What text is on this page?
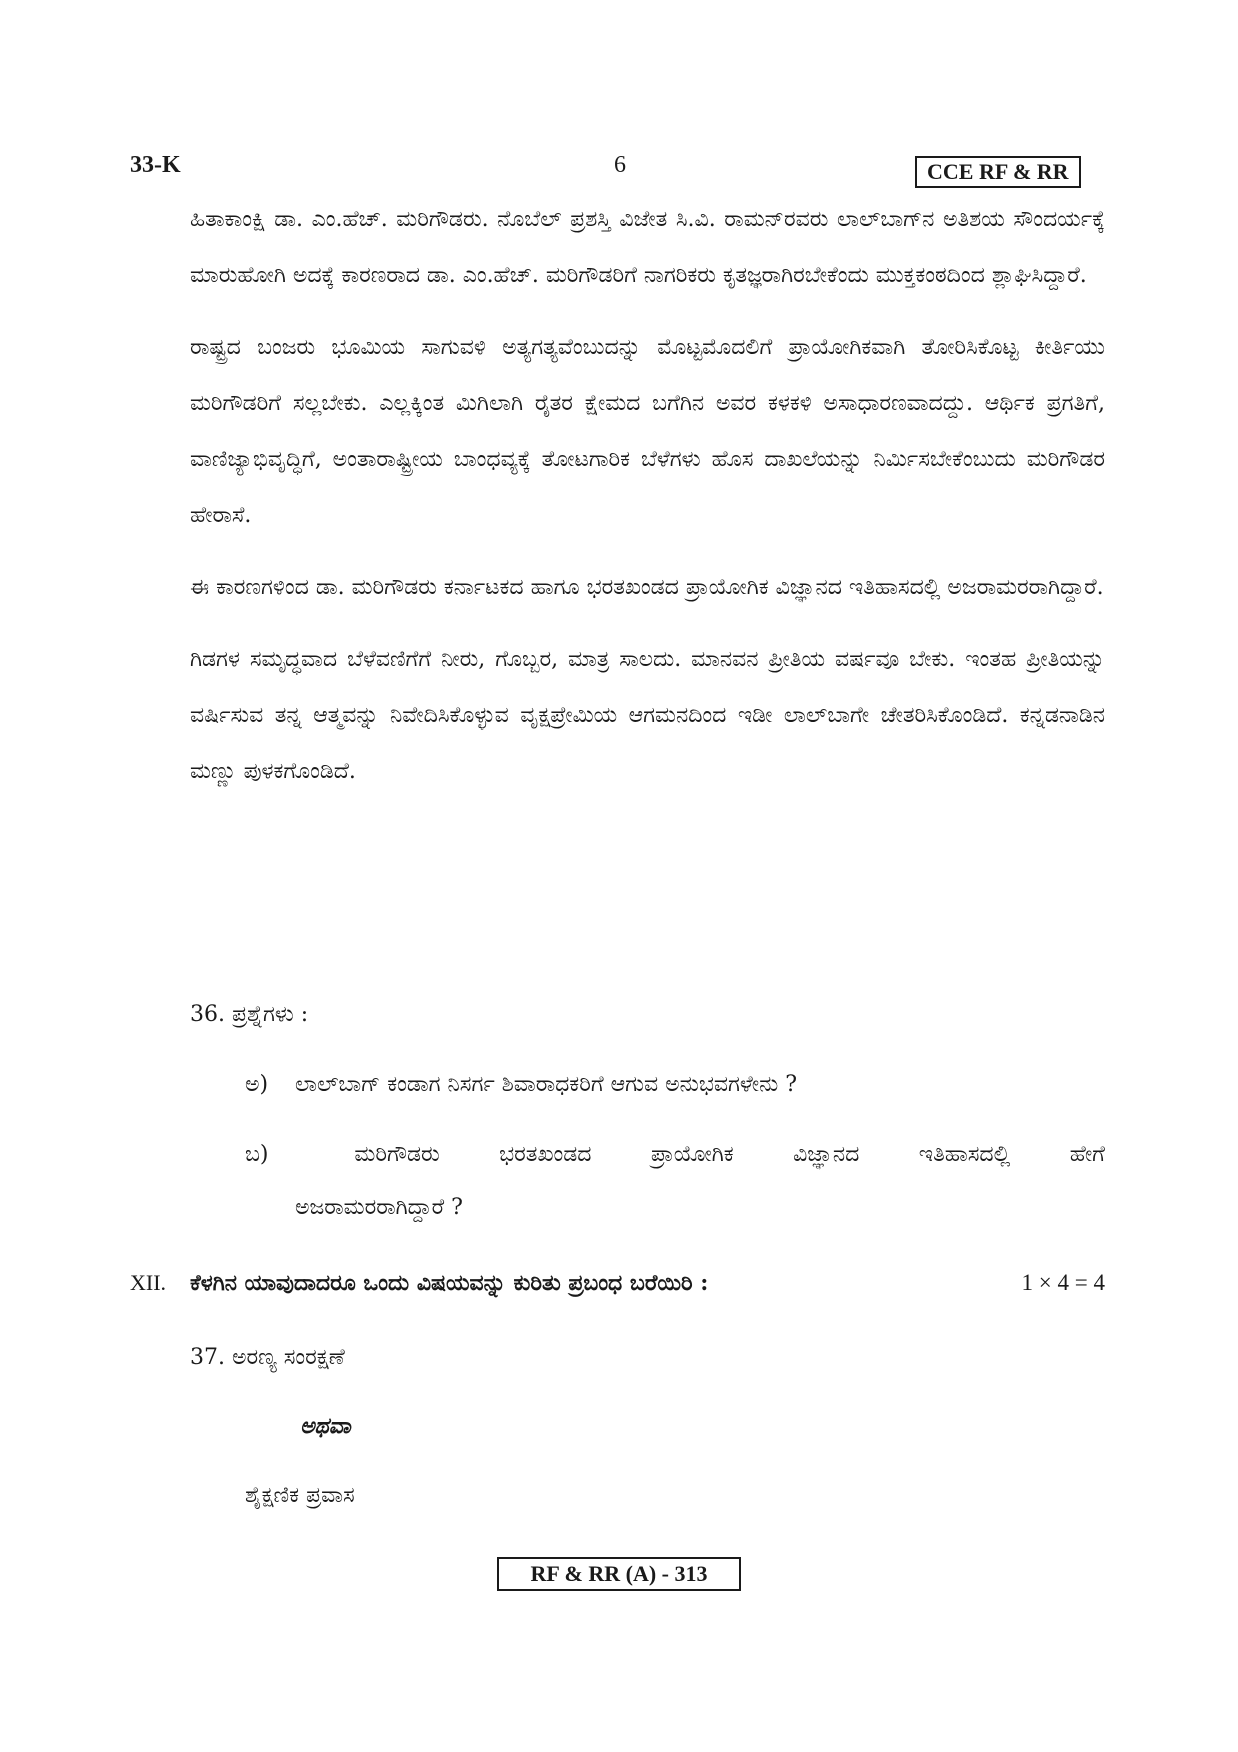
33-K	6	CCE RF & RR

ಹಿತಾಕಾಂಕ್ಷಿ ಡಾ. ಎಂ.ಹೆಚ್. ಮರಿಗೌಡರು. ನೊಬೆಲ್ ಪ್ರಶಸ್ತಿ ವಿಜೇತ ಸಿ.ವಿ. ರಾಮನ್‌ರವರು ಲಾಲ್‌ಬಾಗ್‌ನ ಅತಿಶಯ ಸೌಂದರ್ಯಕ್ಕೆ ಮಾರುಹೋಗಿ ಅದಕ್ಕೆ ಕಾರಣರಾದ ಡಾ. ಎಂ.ಹೆಚ್. ಮರಿಗೌಡರಿಗೆ ನಾಗರಿಕರು ಕೃತಜ್ಞರಾಗಿರಬೇಕೆಂದು ಮುಕ್ತಕಂಠದಿಂದ ಶ್ಲಾಘಿಸಿದ್ದಾರೆ.

ರಾಷ್ಟ್ರದ ಬಂಜರು ಭೂಮಿಯ ಸಾಗುವಳಿ ಅತ್ಯಗತ್ಯವೆಂಬುದನ್ನು ಮೊಟ್ಟಮೊದಲಿಗೆ ಪ್ರಾಯೋಗಿಕವಾಗಿ ತೋರಿಸಿಕೊಟ್ಟ ಕೀರ್ತಿಯು ಮರಿಗೌಡರಿಗೆ ಸಲ್ಲಬೇಕು. ಎಲ್ಲಕ್ಕಿಂತ ಮಿಗಿಲಾಗಿ ರೈತರ ಕ್ಷೇಮದ ಬಗೆಗಿನ ಅವರ ಕಳಕಳಿ ಅಸಾಧಾರಣವಾದದ್ದು. ಆರ್ಥಿಕ ಪ್ರಗತಿಗೆ, ವಾಣಿಜ್ಯಾಭಿವೃದ್ಧಿಗೆ, ಅಂತಾರಾಷ್ಟ್ರೀಯ ಬಾಂಧವ್ಯಕ್ಕೆ ತೋಟಗಾರಿಕ ಬೆಳೆಗಳು ಹೊಸ ದಾಖಲೆಯನ್ನು ನಿರ್ಮಿಸಬೇಕೆಂಬುದು ಮರಿಗೌಡರ ಹೇರಾಸೆ.

ಈ ಕಾರಣಗಳಿಂದ ಡಾ. ಮರಿಗೌಡರು ಕರ್ನಾಟಕದ ಹಾಗೂ ಭರತಖಂಡದ ಪ್ರಾಯೋಗಿಕ ವಿಜ್ಞಾನದ ಇತಿಹಾಸದಲ್ಲಿ ಅಜರಾಮರರಾಗಿದ್ದಾರೆ.

ಗಿಡಗಳ ಸಮೃದ್ಧವಾದ ಬೆಳೆವಣಿಗೆಗೆ ನೀರು, ಗೊಬ್ಬರ, ಮಾತ್ರ ಸಾಲದು. ಮಾನವನ ಪ್ರೀತಿಯ ವರ್ಷವೂ ಬೇಕು. ಇಂತಹ ಪ್ರೀತಿಯನ್ನು ವರ್ಷಿಸುವ ತನ್ನ ಆತ್ಮವನ್ನು ನಿವೇದಿಸಿಕೊಳ್ಳುವ ವೃಕ್ಷಪ್ರೇಮಿಯ ಆಗಮನದಿಂದ ಇಡೀ ಲಾಲ್‌ಬಾಗೇ ಚೇತರಿಸಿಕೊಂಡಿದೆ. ಕನ್ನಡನಾಡಿನ ಮಣ್ಣು ಪುಳಕಗೊಂಡಿದೆ.

36. ಪ್ರಶ್ನೆಗಳು :
ಅ) ಲಾಲ್‌ಬಾಗ್ ಕಂಡಾಗ ನಿಸರ್ಗ ಶಿವಾರಾಧಕರಿಗೆ ಆಗುವ ಅನುಭವಗಳೇನು ?
ಬ)	ಮರಿಗೌಡರು	ಭರತಖಂಡದ	ಪ್ರಾಯೋಗಿಕ	ವಿಜ್ಞಾನದ	ಇತಿಹಾಸದಲ್ಲಿ	ಹೇಗೆ
ಅಜರಾಮರರಾಗಿದ್ದಾರೆ ?
XII. ಕೆಳಗಿನ ಯಾವುದಾದರೂ ಒಂದು ವಿಷಯವನ್ನು ಕುರಿತು ಪ್ರಬಂಧ ಬರೆಯಿರಿ :	1 × 4 = 4
37. ಅರಣ್ಯ ಸಂರಕ್ಷಣೆ
ಅಥವಾ
ಶೈಕ್ಷಣಿಕ ಪ್ರವಾಸ
RF & RR (A) - 313
